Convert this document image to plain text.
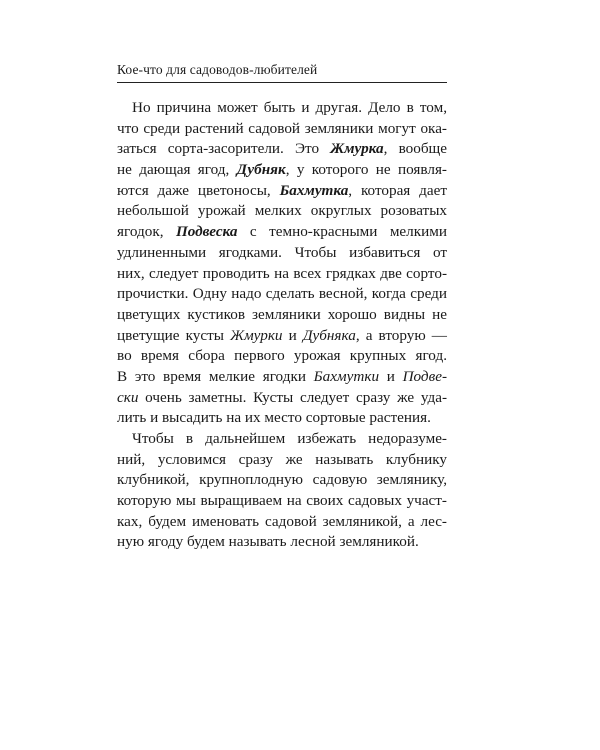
Кое-что для садоводов-любителей
Но причина может быть и другая. Дело в том,
что среди растений садовой земляники могут ока-
заться сорта-засорители. Это Жмурка, вообще
не дающая ягод, Дубняк, у которого не появля-
ются даже цветоносы, Бахмутка, которая дает
небольшой урожай мелких округлых розоватых
ягодок, Подвеска с темно-красными мелкими
удлиненными ягодками. Чтобы избавиться от
них, следует проводить на всех грядках две сорто-
прочистки. Одну надо сделать весной, когда среди
цветущих кустиков земляники хорошо видны не
цветущие кусты Жмурки и Дубняка, а вторую —
во время сбора первого урожая крупных ягод.
В это время мелкие ягодки Бахмутки и Подве-
ски очень заметны. Кусты следует сразу же уда-
лить и высадить на их место сортовые растения.
Чтобы в дальнейшем избежать недоразуме-
ний, условимся сразу же называть клубнику
клубникой, крупноплодную садовую землянику,
которую мы выращиваем на своих садовых участ-
ках, будем именовать садовой земляникой, а лес-
ную ягоду будем называть лесной земляникой.
